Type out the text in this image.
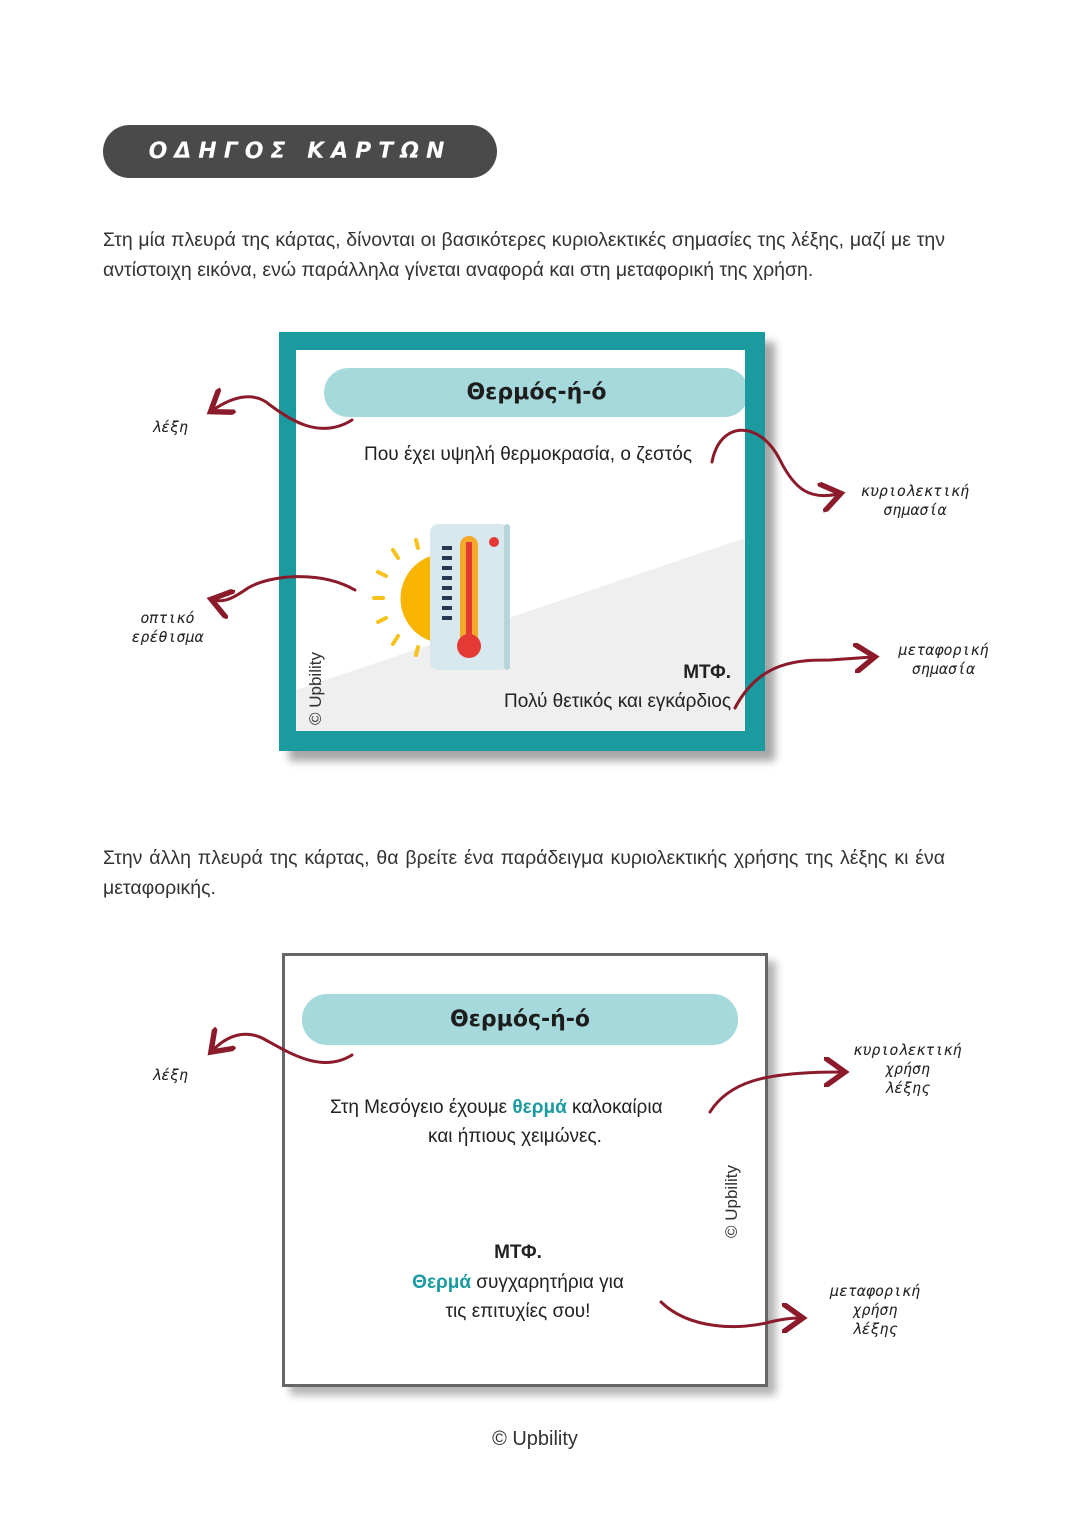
ΟΔΗΓΟΣ ΚΑΡΤΩΝ
Στη μία πλευρά της κάρτας, δίνονται οι βασικότερες κυριολεκτικές σημασίες της λέξης, μαζί με την αντίστοιχη εικόνα, ενώ παράλληλα γίνεται αναφορά και στη μεταφορική της χρήση.
Θερμός-ή-ό
Που έχει υψηλή θερμοκρασία, ο ζεστός
© Upbility	ΜΤΦ.
Πολύ θετικός και εγκάρδιος
λέξη
κυριολεκτική
σημασία
οπτικό
ερέθισμα
μεταφορική
σημασία
Στην άλλη πλευρά της κάρτας, θα βρείτε ένα παράδειγμα κυριολεκτικής χρήσης της λέξης κι ένα μεταφορικής.
Θερμός-ή-ό
Στη Μεσόγειο έχουμε θερμά καλοκαίρια
και ήπιους χειμώνες.
© Upbility
ΜΤΦ.
Θερμά συγχαρητήρια για
τις επιτυχίες σου!
λέξη
κυριολεκτική
χρήση
λέξης
μεταφορική
χρήση
λέξης
© Upbility
